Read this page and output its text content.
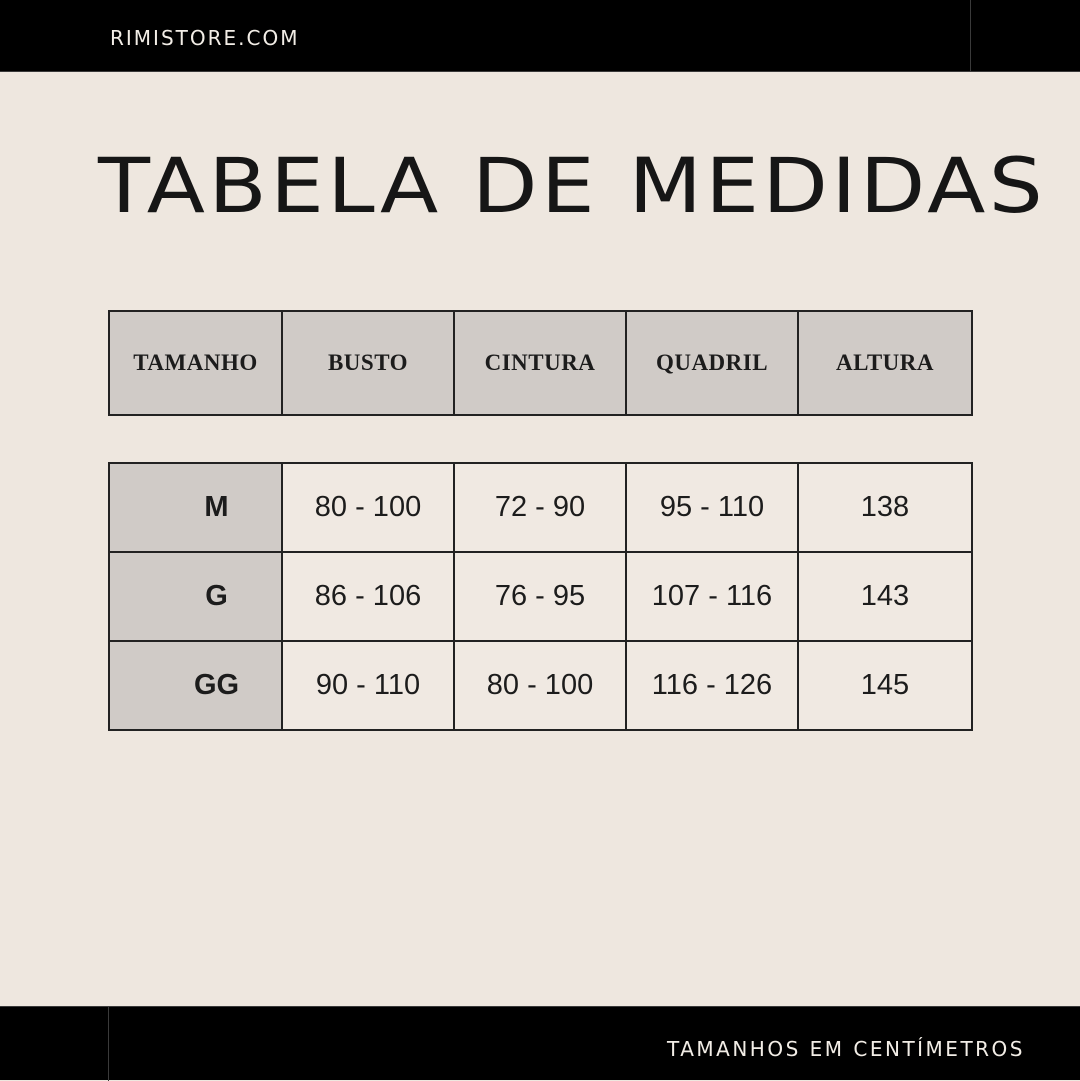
RIMISTORE.COM
TABELA DE MEDIDAS
TAMANHO	BUSTO	CINTURA	QUADRIL	ALTURA
M	80 - 100	72 - 90	95 - 110	138
G	86 - 106	76 - 95	107 - 116	143
GG	90 - 110	80 - 100	116 - 126	145
TAMANHOS EM CENTÍMETROS
